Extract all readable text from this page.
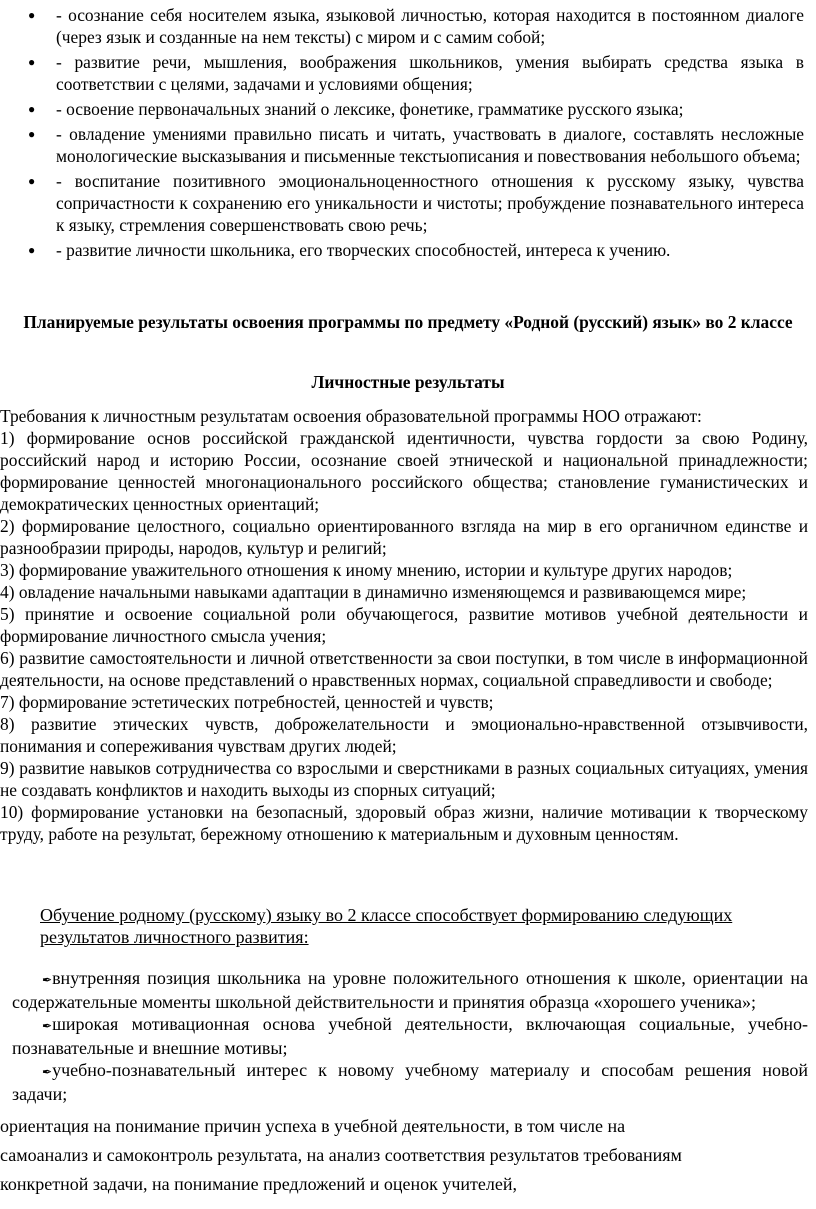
● - осознание себя носителем языка, языковой личностью, которая находится в постоянном диалоге (через язык и созданные на нем тексты) с миром и с самим собой;
● - развитие речи, мышления, воображения школьников, умения выбирать средства языка в соответствии с целями, задачами и условиями общения;
● - освоение первоначальных знаний о лексике, фонетике, грамматике русского языка;
● - овладение умениями правильно писать и читать, участвовать в диалоге, составлять несложные монологические высказывания и письменные текстыописания и повествования небольшого объема;
● - воспитание позитивного эмоциональноценностного отношения к русскому языку, чувства сопричастности к сохранению его уникальности и чистоты; пробуждение познавательного интереса к языку, стремления совершенствовать свою речь;
● - развитие личности школьника, его творческих способностей, интереса к учению.
Планируемые результаты освоения программы по предмету «Родной (русский) язык» во 2 классе
Личностные результаты

Требования к личностным результатам освоения образовательной программы НОО отражают:

1) формирование основ российской гражданской идентичности, чувства гордости за свою Родину, российский народ и историю России, осознание своей этнической и национальной принадлежности; формирование ценностей многонационального российского общества; становление гуманистических и демократических ценностных ориентаций;

2) формирование целостного, социально ориентированного взгляда на мир в его органичном единстве и разнообразии природы, народов, культур и религий;

3) формирование уважительного отношения к иному мнению, истории и культуре других народов;

4) овладение начальными навыками адаптации в динамично изменяющемся и развивающемся мире;

5) принятие и освоение социальной роли обучающегося, развитие мотивов учебной деятельности и формирование личностного смысла учения;

6) развитие самостоятельности и личной ответственности за свои поступки, в том числе в информационной деятельности, на основе представлений о нравственных нормах, социальной справедливости и свободе;

7) формирование эстетических потребностей, ценностей и чувств;

8) развитие этических чувств, доброжелательности и эмоционально-нравственной отзывчивости, понимания и сопереживания чувствам других людей;

9) развитие навыков сотрудничества со взрослыми и сверстниками в разных социальных ситуациях, умения не создавать конфликтов и находить выходы из спорных ситуаций;

10) формирование установки на безопасный, здоровый образ жизни, наличие мотивации к творческому труду, работе на результат, бережному отношению к материальным и духовным ценностям.

Обучение родному (русскому) языку во 2 классе способствует формированию следующих результатов личностного развития:
✒внутренняя позиция школьника на уровне положительного отношения к школе, ориентации на содержательные моменты школьной действительности и принятия образца «хорошего ученика»;
✒широкая мотивационная основа учебной деятельности, включающая социальные, учебно-познавательные и внешние мотивы;
✒учебно-познавательный интерес к новому учебному материалу и способам решения новой задачи;

ориентация на понимание причин успеха в учебной деятельности, в том числе на

самоанализ и самоконтроль результата, на анализ соответствия результатов требованиям

конкретной задачи, на понимание предложений и оценок учителей,
